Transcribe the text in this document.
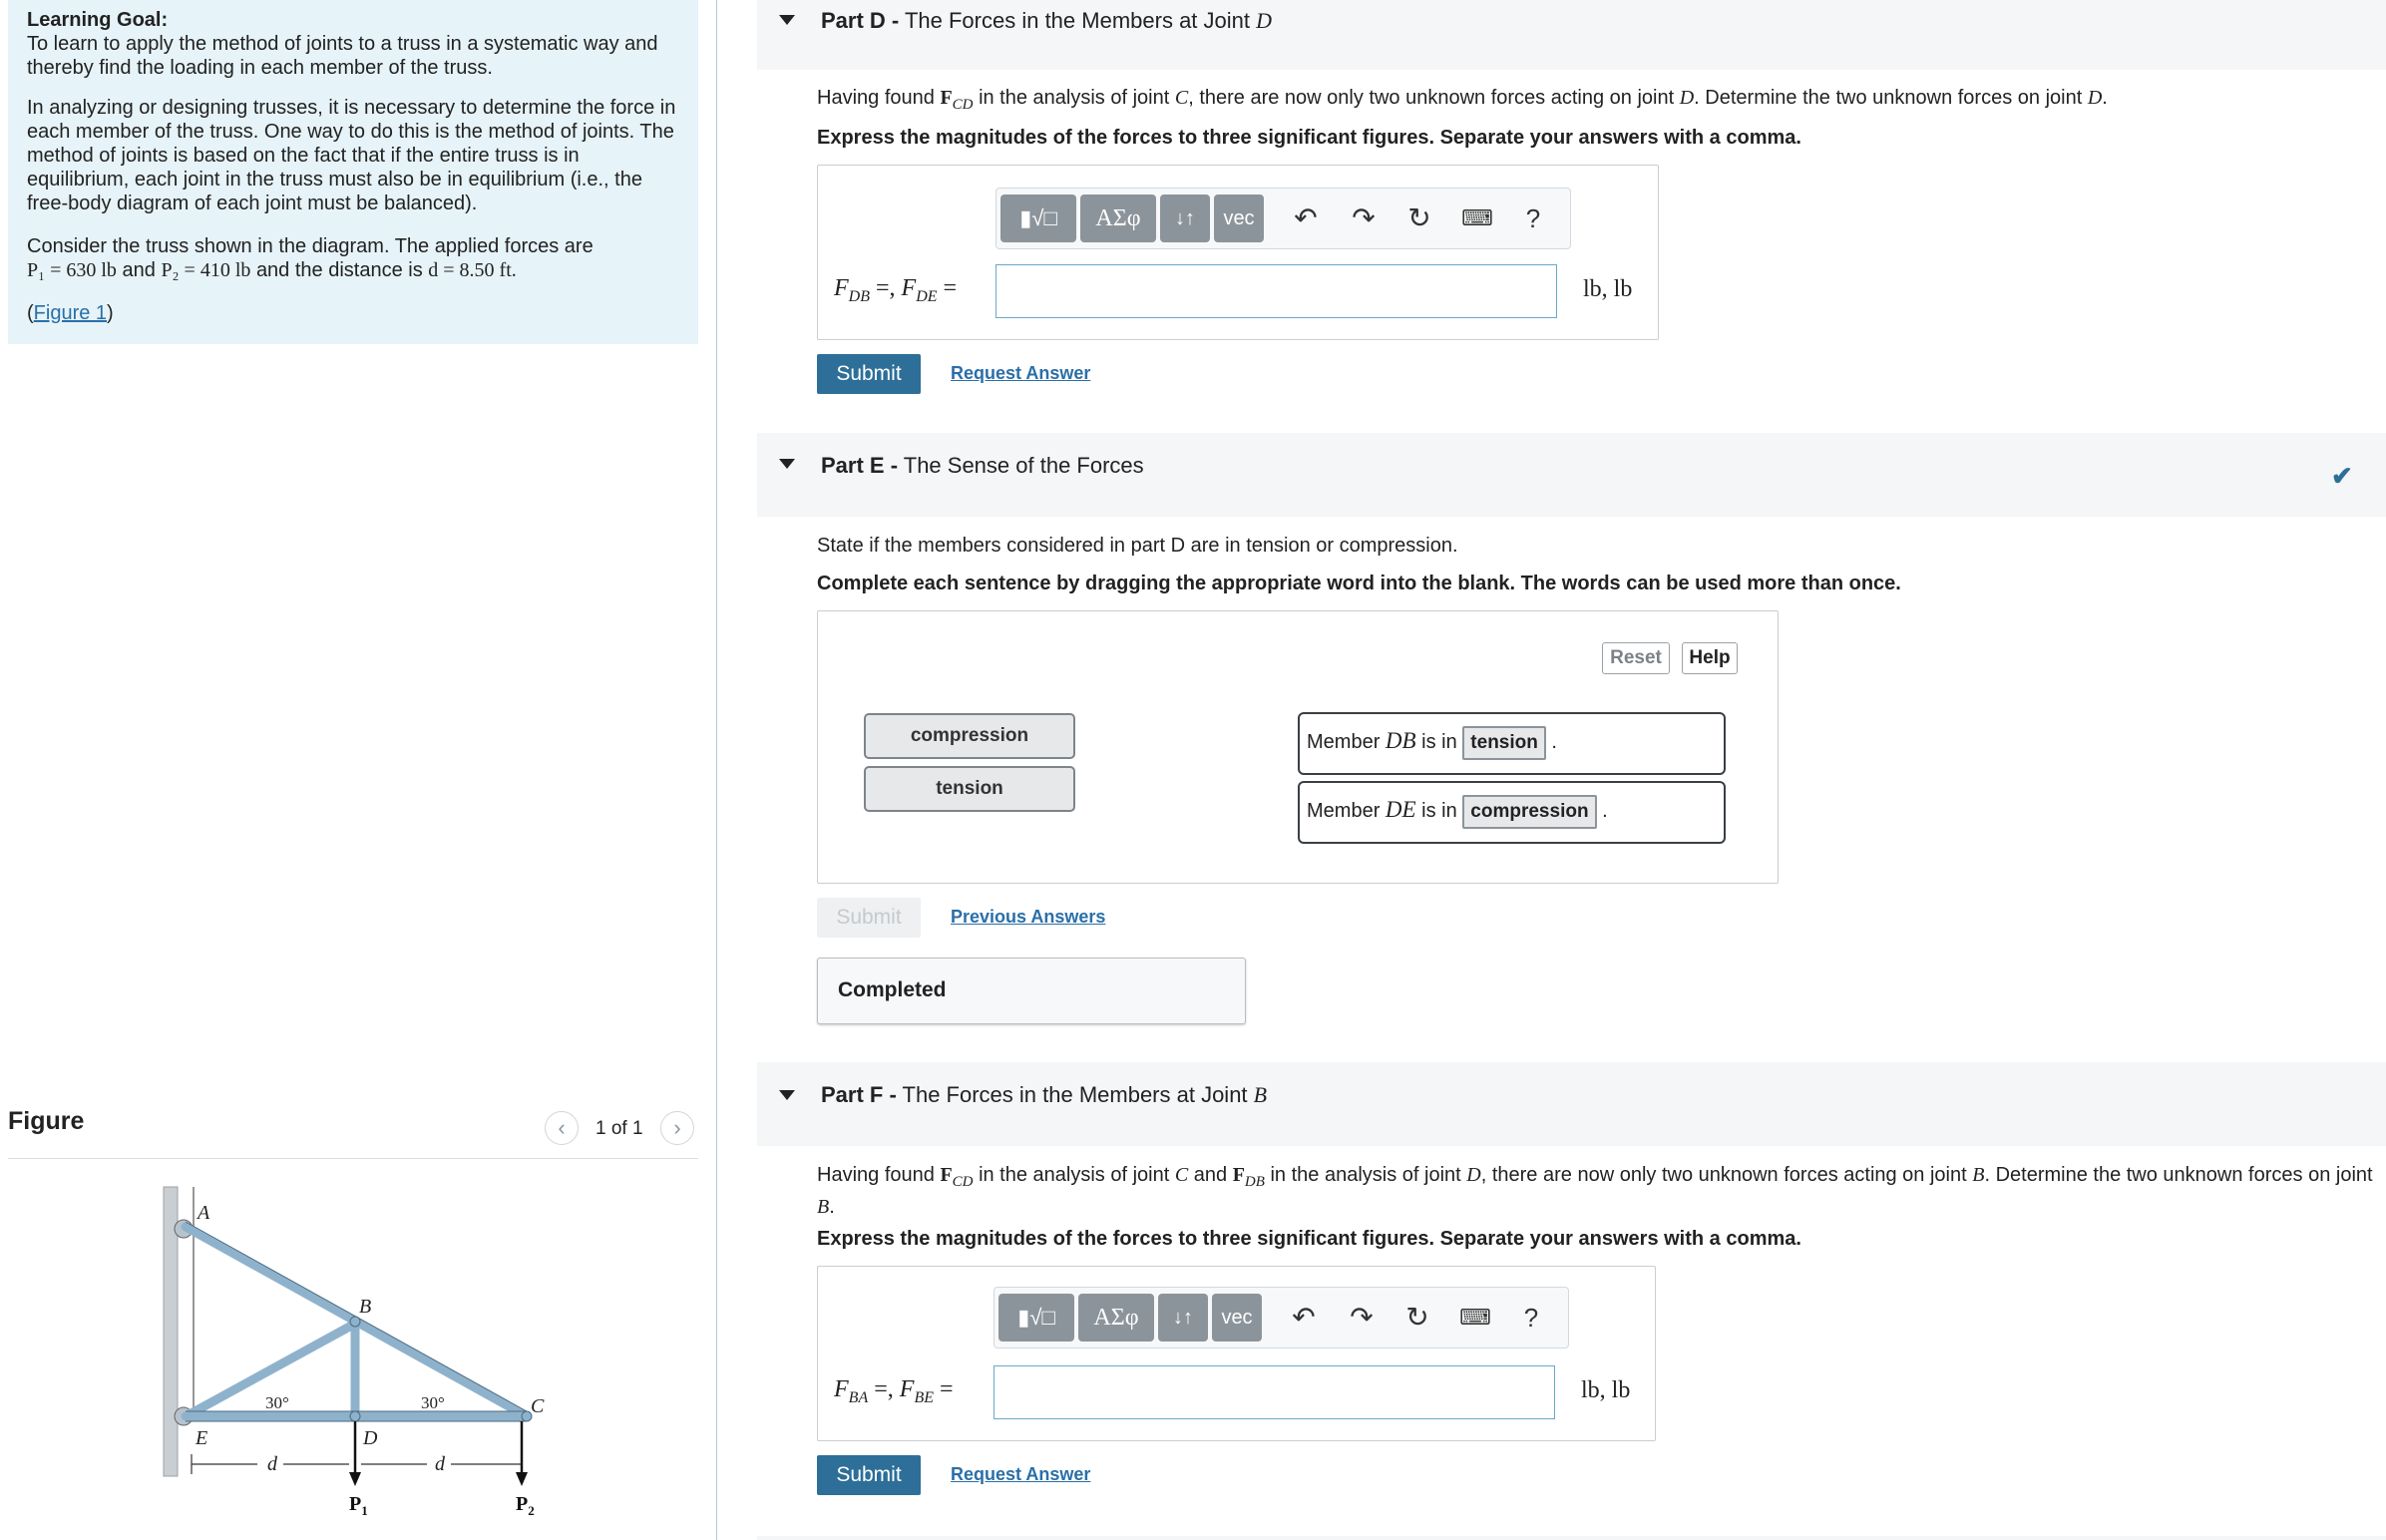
Learning Goal:

To learn to apply the method of joints to a truss in a systematic way and thereby find the loading in each member of the truss.

In analyzing or designing trusses, it is necessary to determine the force in each member of the truss. One way to do this is the method of joints. The method of joints is based on the fact that if the entire truss is in equilibrium, each joint in the truss must also be in equilibrium (i.e., the free-body diagram of each joint must be balanced).

Consider the truss shown in the diagram. The applied forces are
P₁ = 630 lb and P₂ = 410 lb and the distance is d = 8.50 ft.

(Figure 1)

Figure	‹	1 of 1	›
A
B
C
D
E
d	d
30°	30°
$P_1$	$P_2$
Part D - The Forces in the Members at Joint D
Having found $F_{CD}$ in the analysis of joint C, there are now only two unknown forces acting on joint D. Determine the two unknown forces on joint D.
Express the magnitudes of the forces to three significant figures. Separate your answers with a comma.
▮√□	ΑΣφ	↓↑	vec	↶ ↷ ↻	⌨	?
$F_{DB}$ =, $F_{DE}$ =	lb, lb
Submit	Request Answer
Part E - The Sense of the Forces	✔
State if the members considered in part D are in tension or compression.
Complete each sentence by dragging the appropriate word into the blank. The words can be used more than once.
Reset	Help
compression
tension
Member DB is in tension .
Member DE is in compression .
Submit	Previous Answers
Completed
Part F - The Forces in the Members at Joint B
Having found $F_{CD}$ in the analysis of joint C and $F_{DB}$ in the analysis of joint D, there are now only two unknown forces acting on joint B. Determine the two unknown forces on joint B.
Express the magnitudes of the forces to three significant figures. Separate your answers with a comma.
▮√□	ΑΣφ	↓↑	vec	↶ ↷ ↻	⌨	?
$F_{BA}$ =, $F_{BE}$ =	lb, lb
Submit	Request Answer
